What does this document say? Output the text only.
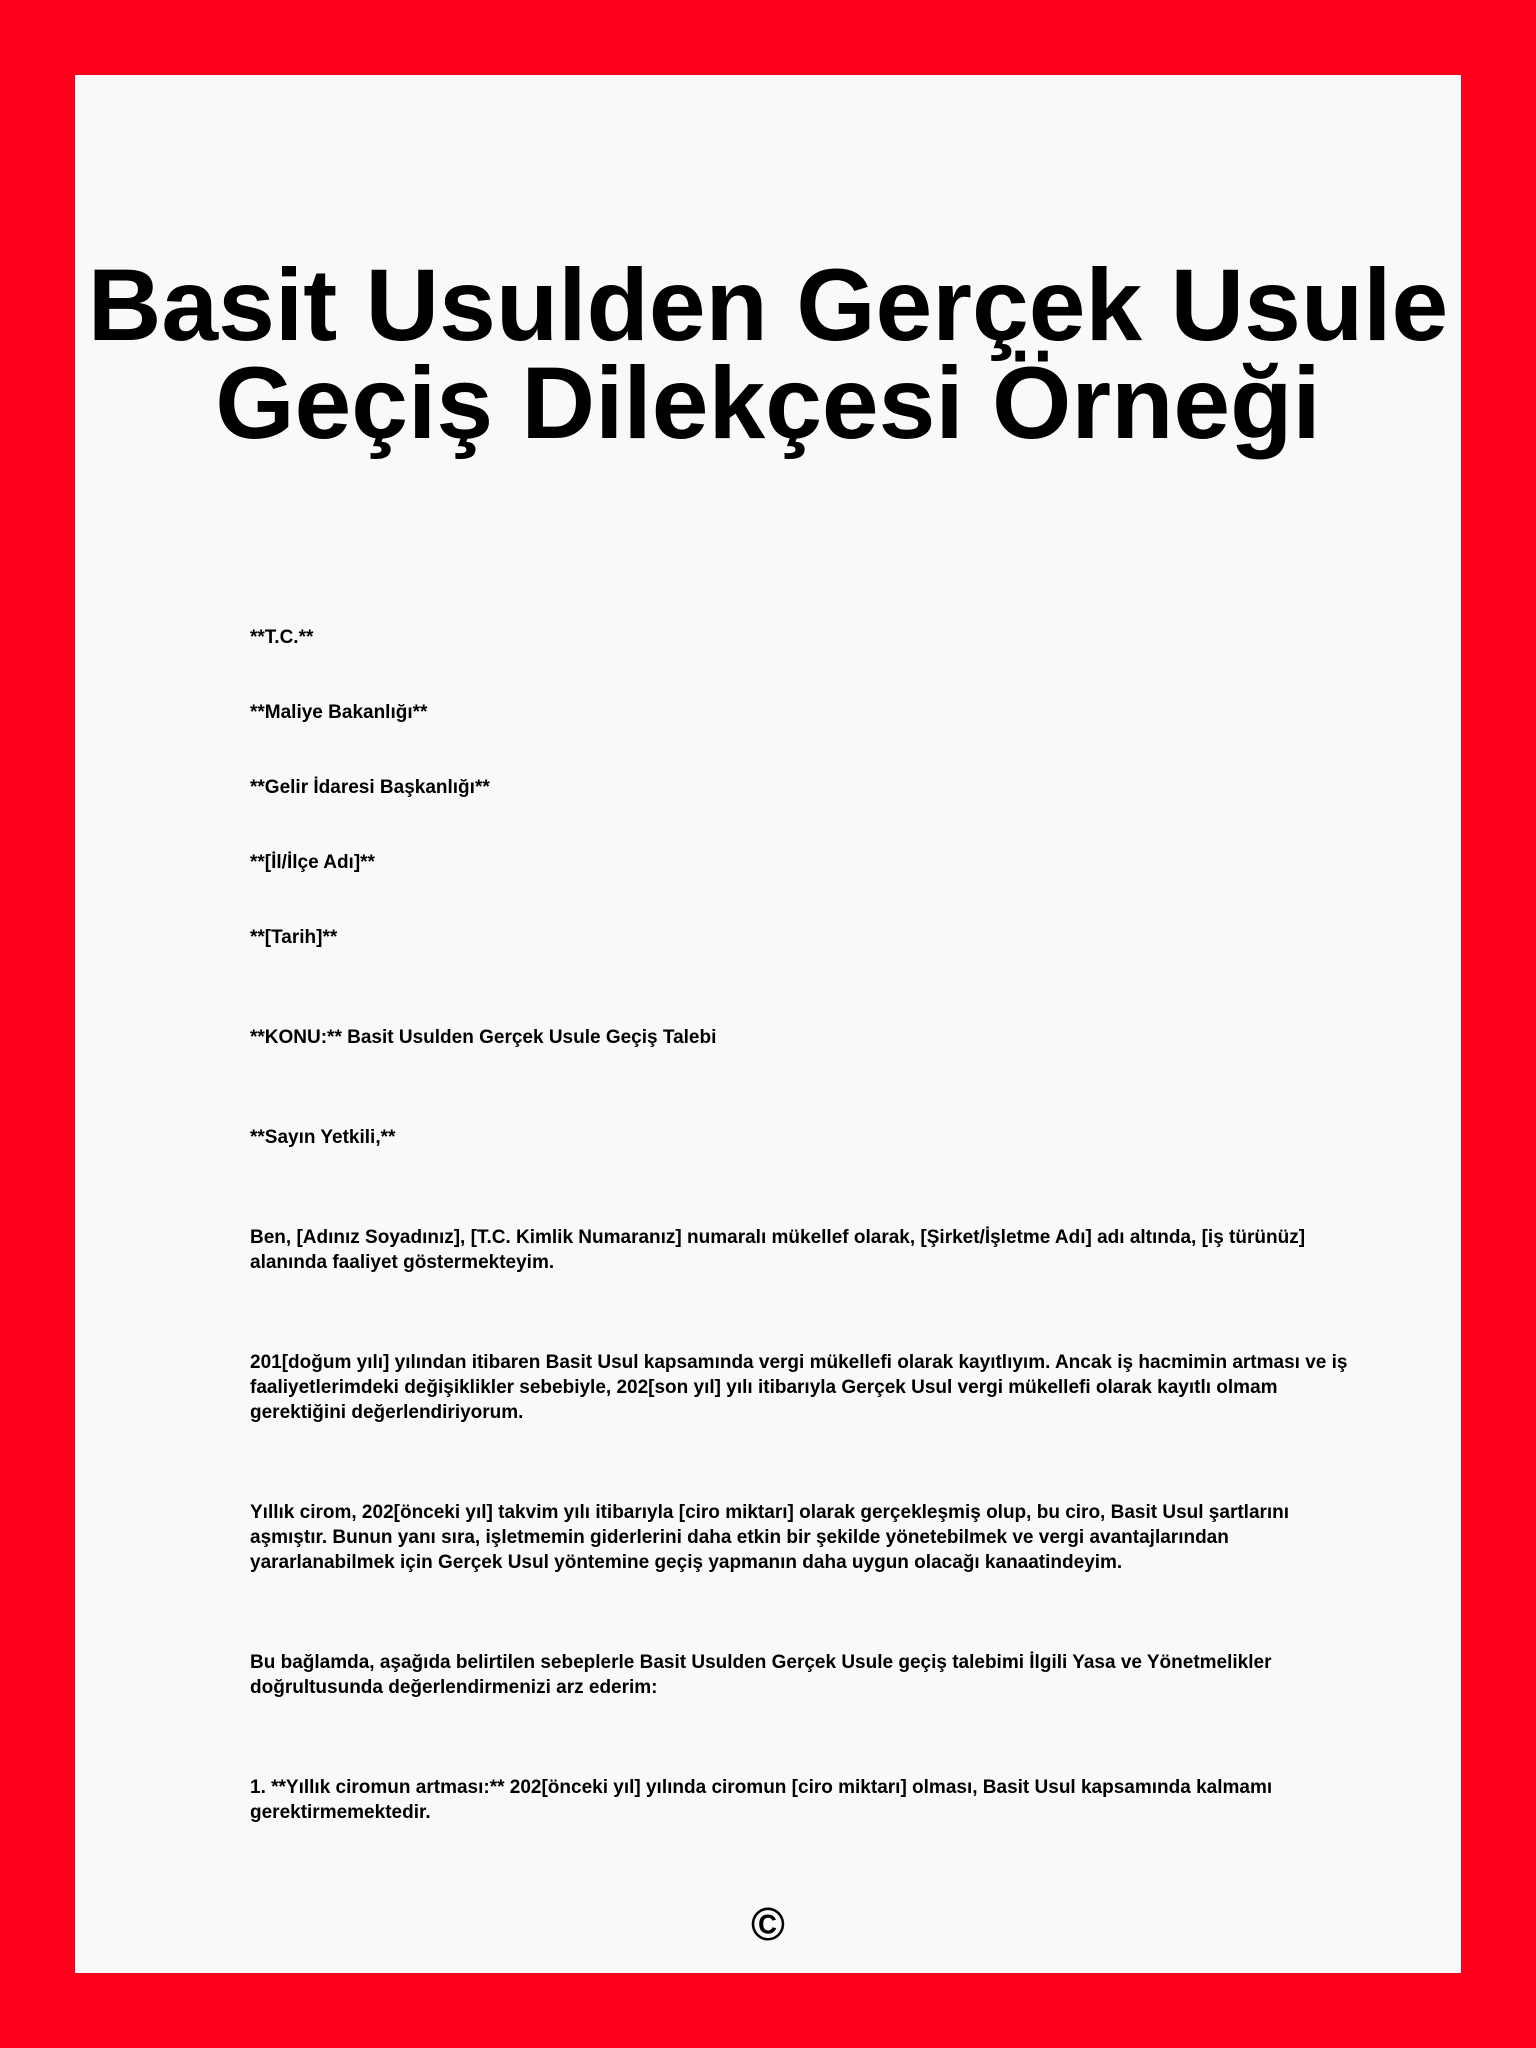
Basit Usulden Gerçek Usule
Geçiş Dilekçesi Örneği

**T.C.**

**Maliye Bakanlığı**

**Gelir İdaresi Başkanlığı**

**[İl/İlçe Adı]**

**[Tarih]**

**KONU:** Basit Usulden Gerçek Usule Geçiş Talebi

**Sayın Yetkili,**

Ben, [Adınız Soyadınız], [T.C. Kimlik Numaranız] numaralı mükellef olarak, [Şirket/İşletme Adı] adı altında, [iş türünüz] alanında faaliyet göstermekteyim.

201[doğum yılı] yılından itibaren Basit Usul kapsamında vergi mükellefi olarak kayıtlıyım. Ancak iş hacmimin artması ve iş faaliyetlerimdeki değişiklikler sebebiyle, 202[son yıl] yılı itibarıyla Gerçek Usul vergi mükellefi olarak kayıtlı olmam gerektiğini değerlendiriyorum.

Yıllık cirom, 202[önceki yıl] takvim yılı itibarıyla [ciro miktarı] olarak gerçekleşmiş olup, bu ciro, Basit Usul şartlarını aşmıştır. Bunun yanı sıra, işletmemin giderlerini daha etkin bir şekilde yönetebilmek ve vergi avantajlarından yararlanabilmek için Gerçek Usul yöntemine geçiş yapmanın daha uygun olacağı kanaatindeyim.

Bu bağlamda, aşağıda belirtilen sebeplerle Basit Usulden Gerçek Usule geçiş talebimi İlgili Yasa ve Yönetmelikler doğrultusunda değerlendirmenizi arz ederim:

1. **Yıllık ciromun artması:** 202[önceki yıl] yılında ciromun [ciro miktarı] olması, Basit Usul kapsamında kalmamı gerektirmemektedir.

©
